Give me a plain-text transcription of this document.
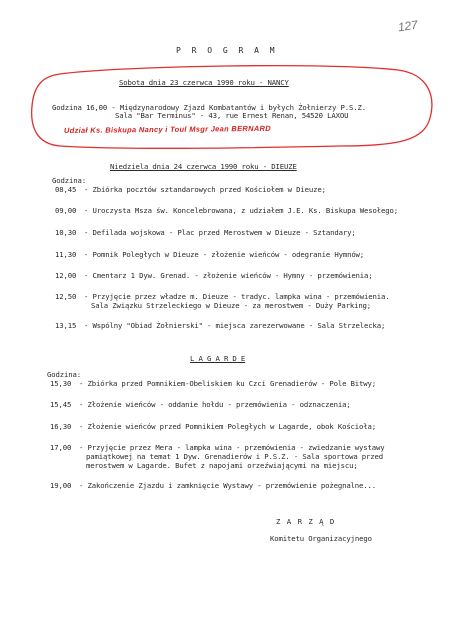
127
P R O G R A M
Sobota dnia 23 czerwca 1990 roku - NANCY
Godzina 16,00 - Międzynarodowy Zjazd Kombatantów i byłych Żołnierzy P.S.Z.
Sala "Bar Terminus" - 43, rue Ernest Renan, 54520 LAXOU
Udział Ks. Biskupa Nancy i Toul Msgr Jean BERNARD
Niedziela dnia 24 czerwca 1990 roku - DIEUZE
Godzina:
08,45 - Zbiórka pocztów sztandarowych przed Kościołem w Dieuze;
09,00 - Uroczysta Msza św. Koncelebrowana, z udziałem J.E. Ks. Biskupa Wesołego;
10,30 - Defilada wojskowa - Plac przed Merostwem w Dieuze - Sztandary;
11,30 - Pomnik Poległych w Dieuze - złożenie wieńców - odegranie Hymnów;
12,00 - Cmentarz 1 Dyw. Grenad. - złożenie wieńców - Hymny - przemówienia;
12,50 - Przyjęcie przez władze m. Dieuze - tradyc. lampka wina - przemówienia.
Sala Związku Strzeleckiego w Dieuze - za merostwem - Duży Parking;
13,15 - Wspólny "Obiad Żołnierski" - miejsca zarezerwowane - Sala Strzelecka;
L A G A R D E
Godzina:
15,30 - Zbiórka przed Pomnikiem-Obeliskiem ku Czci Grenadierów - Pole Bitwy;
15,45 - Złożenie wieńców - oddanie hołdu - przemówienia - odznaczenia;
16,30 - Złożenie wieńców przed Pomnikiem Poległych w Lagarde, obok Kościoła;
17,00 - Przyjęcie przez Mera - lampka wina - przemówienia - zwiedzanie wystawy
pamiątkowej na temat 1 Dyw. Grenadierów i P.S.Z. - Sala sportowa przed
merostwem w Lagarde. Bufet z napojami orzeźwiającymi na miejscu;
19,00 - Zakończenie Zjazdu i zamknięcie Wystawy - przemówienie pożegnalne...
Z A R Z Ą D
Komitetu Organizacyjnego
